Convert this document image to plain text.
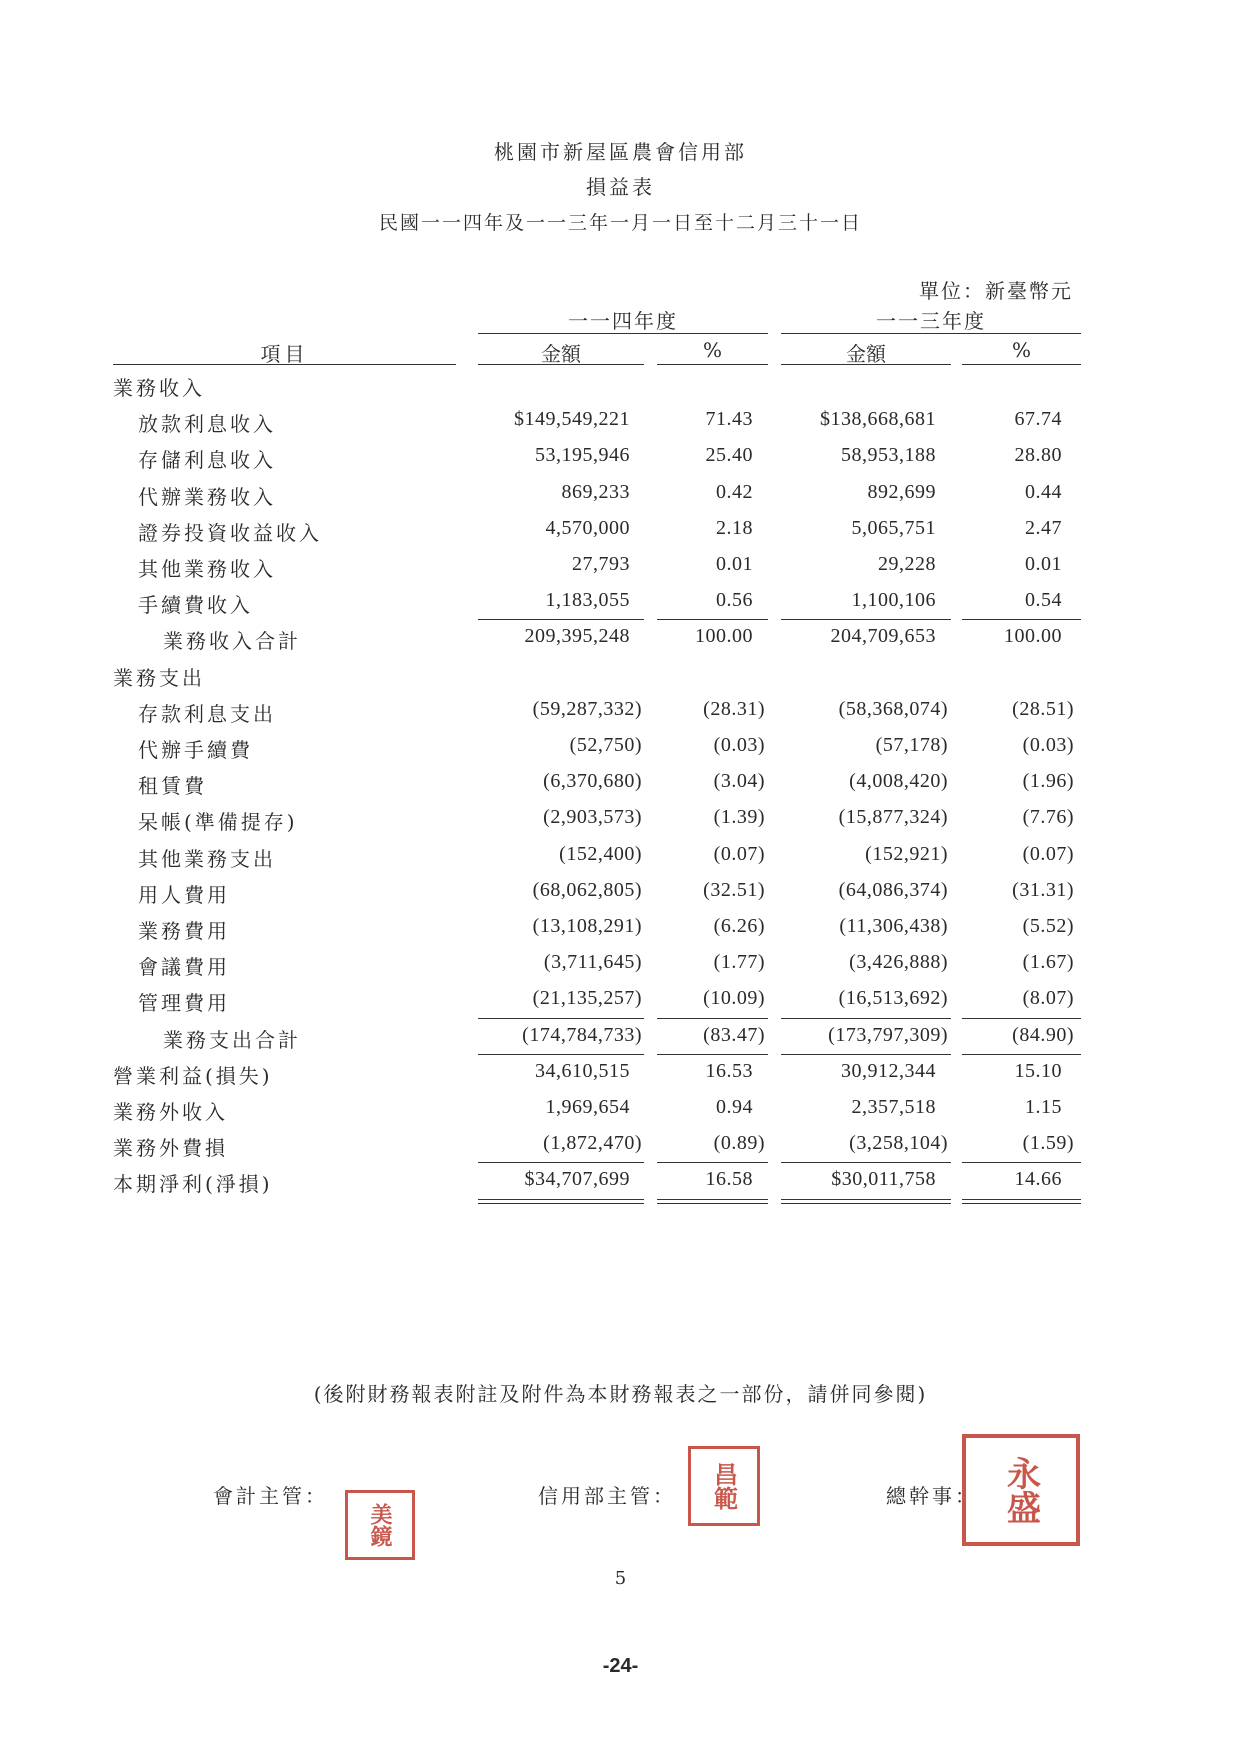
桃園市新屋區農會信用部
損益表
民國一一四年及一一三年一月一日至十二月三十一日
單位：新臺幣元
一一四年度	一一三年度
項目	金額	%	金額	%
業務收入
放款利息收入	$149,549,221	71.43	$138,668,681	67.74
存儲利息收入	53,195,946	25.40	58,953,188	28.80
代辦業務收入	869,233	0.42	892,699	0.44
證券投資收益收入	4,570,000	2.18	5,065,751	2.47
其他業務收入	27,793	0.01	29,228	0.01
手續費收入	1,183,055	0.56	1,100,106	0.54
業務收入合計	209,395,248	100.00	204,709,653	100.00
業務支出
存款利息支出	(59,287,332)	(28.31)	(58,368,074)	(28.51)
代辦手續費	(52,750)	(0.03)	(57,178)	(0.03)
租賃費	(6,370,680)	(3.04)	(4,008,420)	(1.96)
呆帳(準備提存)	(2,903,573)	(1.39)	(15,877,324)	(7.76)
其他業務支出	(152,400)	(0.07)	(152,921)	(0.07)
用人費用	(68,062,805)	(32.51)	(64,086,374)	(31.31)
業務費用	(13,108,291)	(6.26)	(11,306,438)	(5.52)
會議費用	(3,711,645)	(1.77)	(3,426,888)	(1.67)
管理費用	(21,135,257)	(10.09)	(16,513,692)	(8.07)
業務支出合計	(174,784,733)	(83.47)	(173,797,309)	(84.90)
營業利益(損失)	34,610,515	16.53	30,912,344	15.10
業務外收入	1,969,654	0.94	2,357,518	1.15
業務外費損	(1,872,470)	(0.89)	(3,258,104)	(1.59)
本期淨利(淨損)	$34,707,699	16.58	$30,011,758	14.66
(後附財務報表附註及附件為本財務報表之一部份，請併同參閱)
會計主管：
美鏡
信用部主管： 昌範	總幹事： 永盛
5
-24-
